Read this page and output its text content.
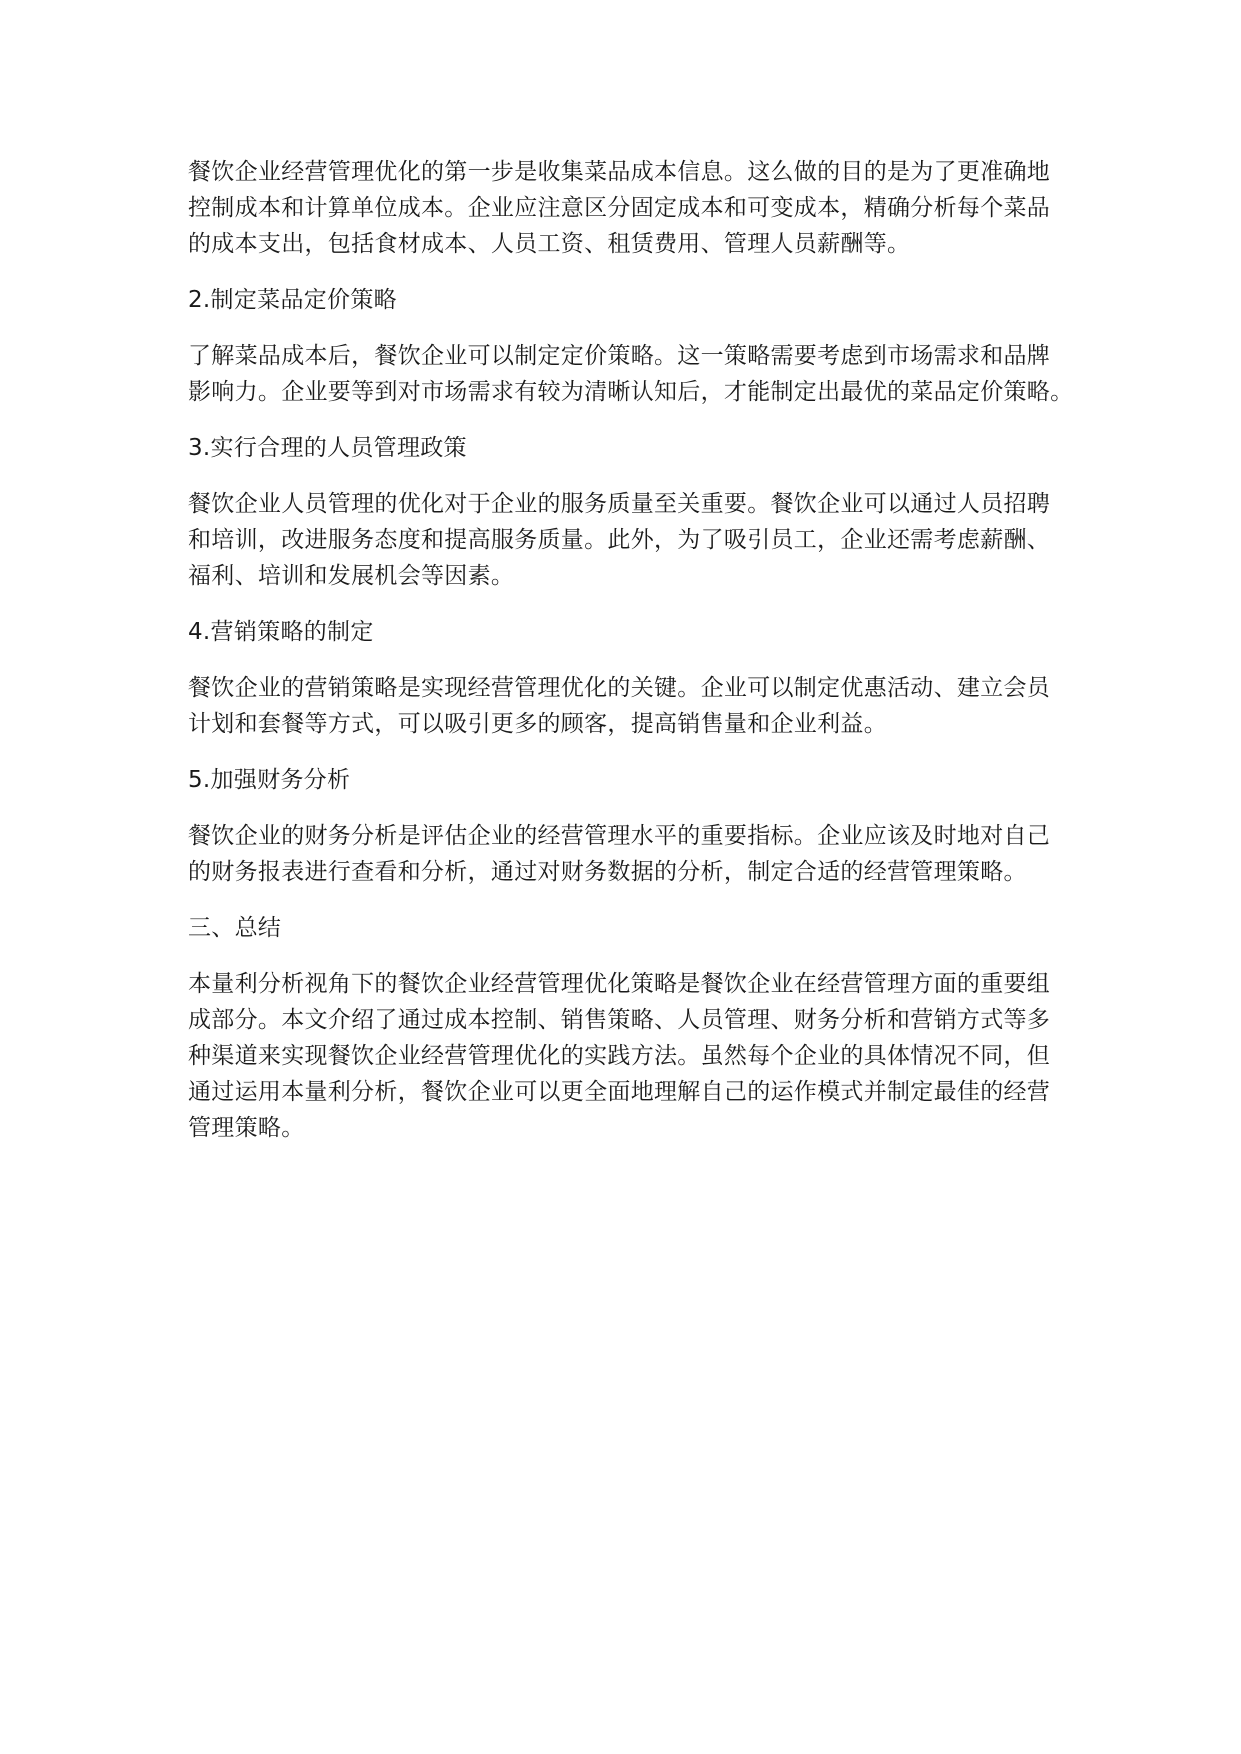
餐饮企业经营管理优化的第一步是收集菜品成本信息。这么做的目的是为了更准确地
控制成本和计算单位成本。企业应注意区分固定成本和可变成本，精确分析每个菜品
的成本支出，包括食材成本、人员工资、租赁费用、管理人员薪酬等。
2.制定菜品定价策略
了解菜品成本后，餐饮企业可以制定定价策略。这一策略需要考虑到市场需求和品牌
影响力。企业要等到对市场需求有较为清晰认知后，才能制定出最优的菜品定价策略。
3.实行合理的人员管理政策
餐饮企业人员管理的优化对于企业的服务质量至关重要。餐饮企业可以通过人员招聘
和培训，改进服务态度和提高服务质量。此外，为了吸引员工，企业还需考虑薪酬、
福利、培训和发展机会等因素。
4.营销策略的制定
餐饮企业的营销策略是实现经营管理优化的关键。企业可以制定优惠活动、建立会员
计划和套餐等方式，可以吸引更多的顾客，提高销售量和企业利益。
5.加强财务分析
餐饮企业的财务分析是评估企业的经营管理水平的重要指标。企业应该及时地对自己
的财务报表进行查看和分析，通过对财务数据的分析，制定合适的经营管理策略。
三、总结
本量利分析视角下的餐饮企业经营管理优化策略是餐饮企业在经营管理方面的重要组
成部分。本文介绍了通过成本控制、销售策略、人员管理、财务分析和营销方式等多
种渠道来实现餐饮企业经营管理优化的实践方法。虽然每个企业的具体情况不同，但
通过运用本量利分析，餐饮企业可以更全面地理解自己的运作模式并制定最佳的经营
管理策略。
